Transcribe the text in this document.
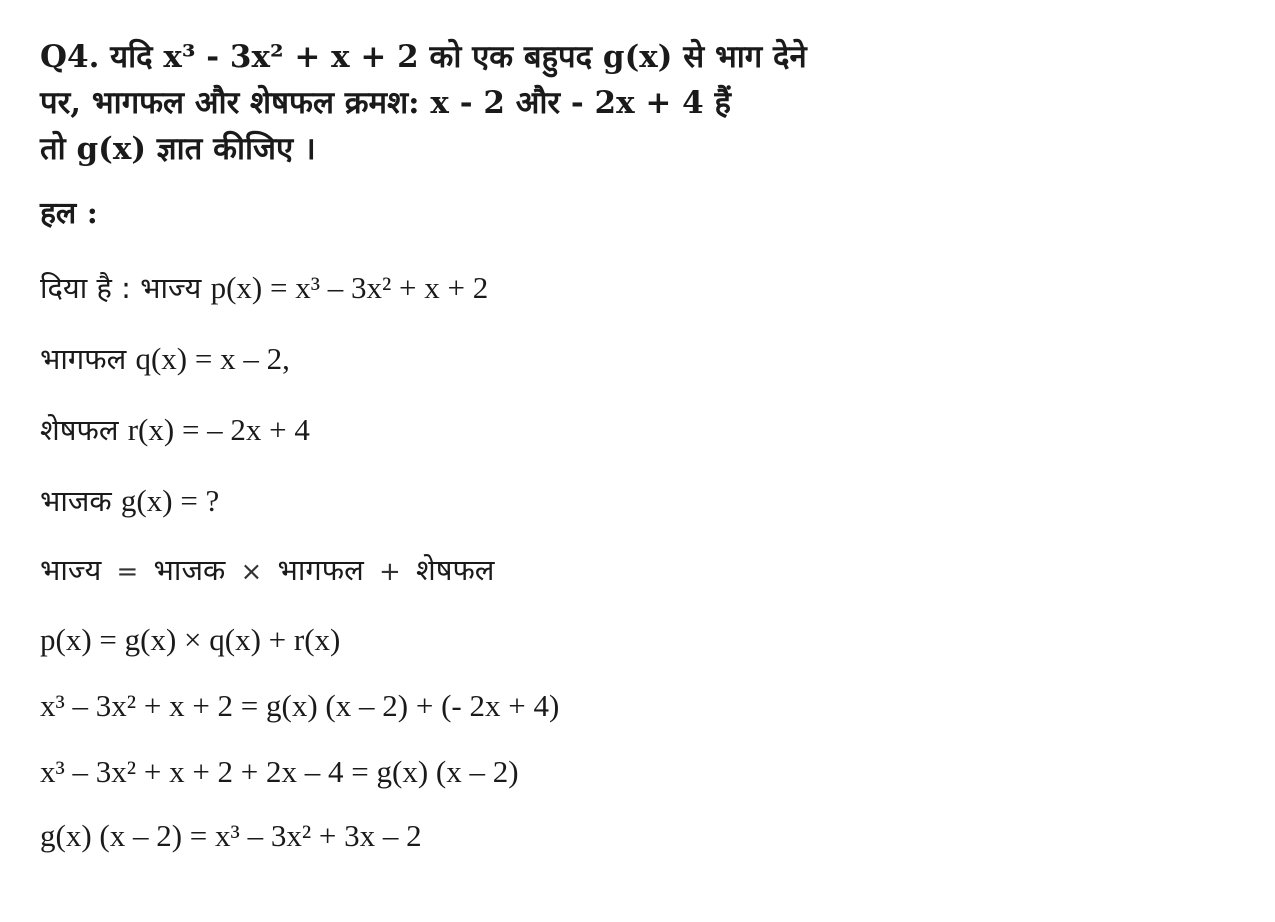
Q4. यदि x³ - 3x² + x + 2 को एक बहुपद g(x) से भाग देने
पर, भागफल और शेषफल क्रमश: x - 2 और - 2x + 4 हैं
तो g(x) ज्ञात कीजिए ।
हल :
दिया है : भाज्य p(x) = x³ – 3x² + x + 2
भागफल q(x) = x – 2,
शेषफल r(x) = – 2x + 4
भाजक g(x) = ?
भाज्य = भाजक × भागफल + शेषफल
p(x) = g(x) × q(x) + r(x)
x³ – 3x² + x + 2 = g(x) (x – 2) + (- 2x + 4)
x³ – 3x² + x + 2 + 2x – 4 = g(x) (x – 2)
g(x) (x – 2) = x³ – 3x² + 3x – 2
